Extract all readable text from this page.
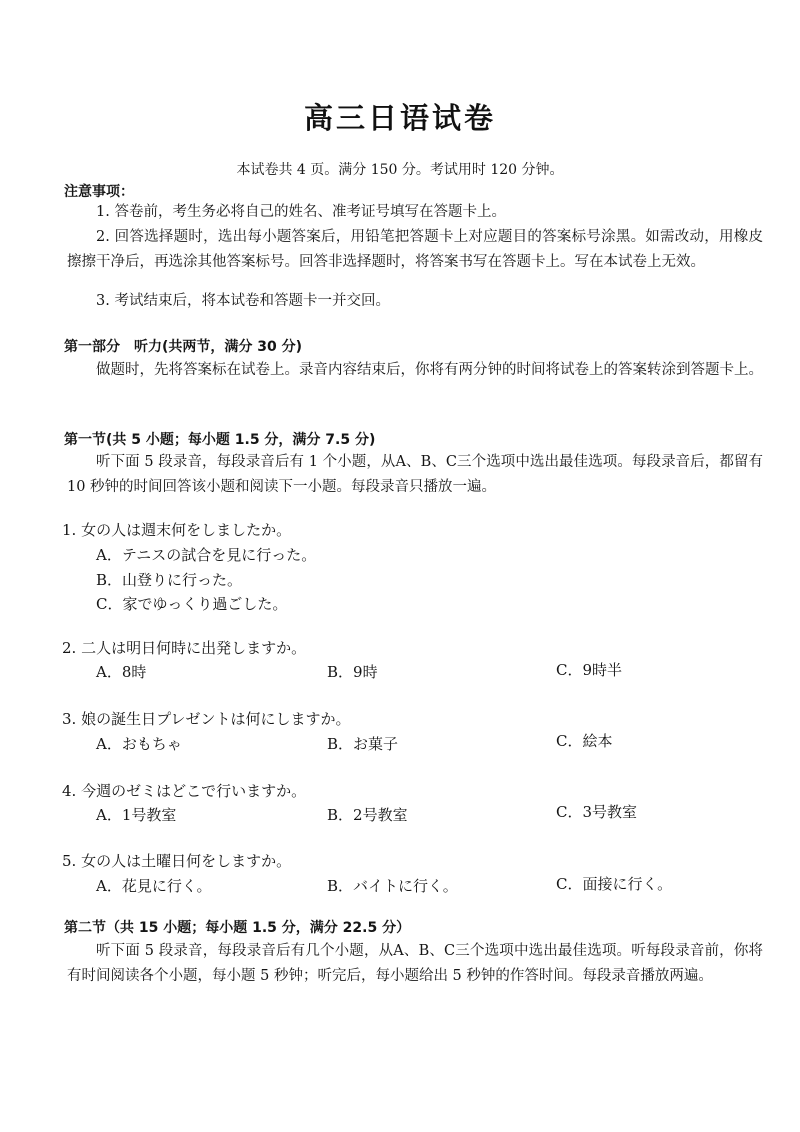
高三日语试卷
本试卷共 4 页。满分 150 分。考试用时 120 分钟。
注意事项：
1. 答卷前，考生务必将自己的姓名、准考证号填写在答题卡上。
2. 回答选择题时，选出每小题答案后，用铅笔把答题卡上对应题目的答案标号涂黑。如需改动，用橡皮擦擦干净后，再选涂其他答案标号。回答非选择题时，将答案书写在答题卡上。写在本试卷上无效。
3. 考试结束后，将本试卷和答题卡一并交回。
第一部分　听力(共两节，满分 30 分)
做题时，先将答案标在试卷上。录音内容结束后，你将有两分钟的时间将试卷上的答案转涂到答题卡上。
第一节(共 5 小题；每小题 1.5 分，满分 7.5 分)
听下面 5 段录音，每段录音后有 1 个小题，从A、B、C三个选项中选出最佳选项。每段录音后，都留有 10 秒钟的时间回答该小题和阅读下一小题。每段录音只播放一遍。
1. 女の人は週末何をしましたか。
A．テニスの試合を見に行った。
B．山登りに行った。
C．家でゆっくり過ごした。
2. 二人は明日何時に出発しますか。
A．8時	B．9時	C．9時半
3. 娘の誕生日プレゼントは何にしますか。
A．おもちゃ	B．お菓子	C．絵本
4. 今週のゼミはどこで行いますか。
A．1号教室	B．2号教室	C．3号教室
5. 女の人は土曜日何をしますか。
A．花見に行く。	B．バイトに行く。	C．面接に行く。
第二节（共 15 小题；每小题 1.5 分，满分 22.5 分）
听下面 5 段录音，每段录音后有几个小题，从A、B、C三个选项中选出最佳选项。听每段录音前，你将有时间阅读各个小题，每小题 5 秒钟；听完后，每小题给出 5 秒钟的作答时间。每段录音播放两遍。
